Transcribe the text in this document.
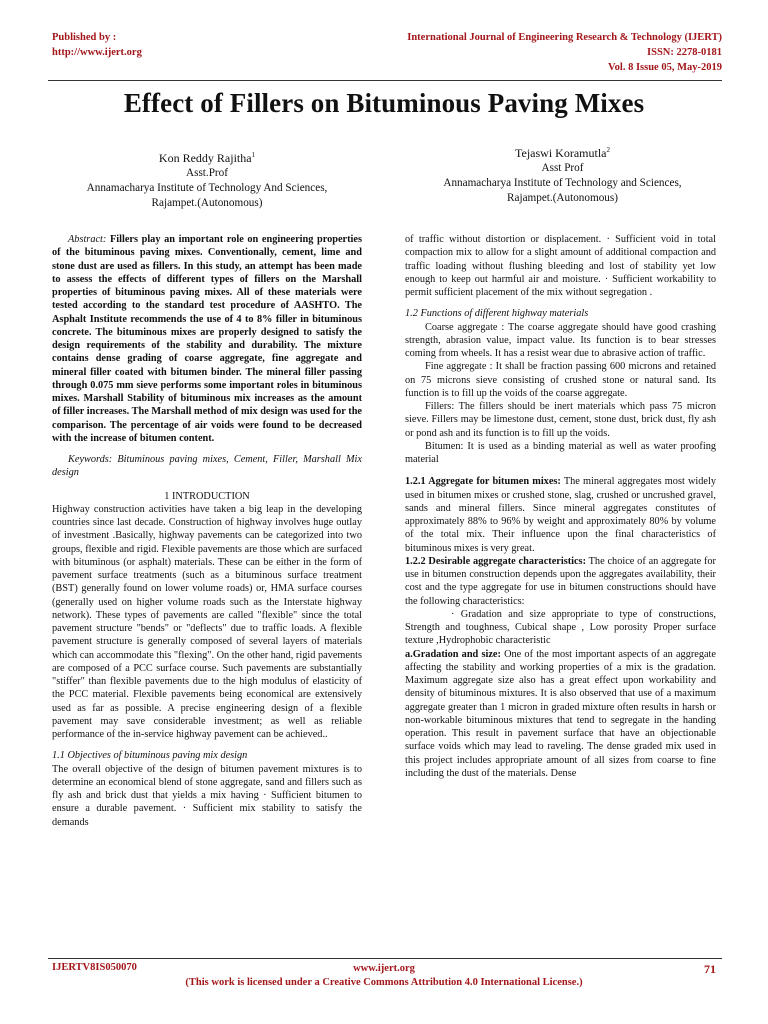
Published by :
http://www.ijert.org
International Journal of Engineering Research & Technology (IJERT)
ISSN: 2278-0181
Vol. 8 Issue 05, May-2019
Effect of Fillers on Bituminous Paving Mixes
Kon Reddy Rajitha$^1$
Asst.Prof
Annamacharya Institute of Technology And Sciences,
Rajampet.(Autonomous)
Tejaswi Koramutla$^2$
Asst Prof
Annamacharya Institute of Technology and Sciences,
Rajampet.(Autonomous)

Abstract: Fillers play an important role on engineering properties of the bituminous paving mixes. Conventionally, cement, lime and stone dust are used as fillers. In this study, an attempt has been made to assess the effects of different types of fillers on the Marshall properties of bituminous paving mixes. All of these materials were tested according to the standard test procedure of AASHTO. The Asphalt Institute recommends the use of 4 to 8% filler in bituminous concrete. The bituminous mixes are properly designed to satisfy the design requirements of the stability and durability. The mixture contains dense grading of coarse aggregate, fine aggregate and mineral filler coated with bitumen binder. The mineral filler passing through 0.075 mm sieve performs some important roles in bituminous mixes. Marshall Stability of bituminous mix increases as the amount of filler increases. The Marshall method of mix design was used for the comparison. The percentage of air voids were found to be decreased with the increase of bitumen content.

Keywords: Bituminous paving mixes, Cement, Filler, Marshall Mix design

1 INTRODUCTION

Highway construction activities have taken a big leap in the developing countries since last decade. Construction of highway involves huge outlay of investment .Basically, highway pavements can be categorized into two groups, flexible and rigid. Flexible pavements are those which are surfaced with bituminous (or asphalt) materials. These can be either in the form of pavement surface treatments (such as a bituminous surface treatment (BST) generally found on lower volume roads) or, HMA surface courses (generally used on higher volume roads such as the Interstate highway network). These types of pavements are called "flexible" since the total pavement structure "bends" or "deflects" due to traffic loads. A flexible pavement structure is generally composed of several layers of materials which can accommodate this "flexing". On the other hand, rigid pavements are composed of a PCC surface course. Such pavements are substantially "stiffer" than flexible pavements due to the high modulus of elasticity of the PCC material. Flexible pavements being economical are extensively used as far as possible. A precise engineering design of a flexible pavement may save considerable investment; as well as reliable performance of the in-service highway pavement can be achieved..

1.1 Objectives of bituminous paving mix design

The overall objective of the design of bitumen pavement mixtures is to determine an economical blend of stone aggregate, sand and fillers such as fly ash and brick dust that yields a mix having · Sufficient bitumen to ensure a durable pavement. · Sufficient mix stability to satisfy the demands

of traffic without distortion or displacement. · Sufficient void in total compaction mix to allow for a slight amount of additional compaction and traffic loading without flushing bleeding and lost of stability yet low enough to keep out harmful air and moisture. · Sufficient workability to permit sufficient placement of the mix without segregation .

1.2 Functions of different highway materials

Coarse aggregate : The coarse aggregate should have good crashing strength, abrasion value, impact value. Its function is to bear stresses coming from wheels. It has a resist wear due to abrasive action of traffic.

Fine aggregate : It shall be fraction passing 600 microns and retained on 75 microns sieve consisting of crushed stone or natural sand. Its function is to fill up the voids of the coarse aggregate.

Fillers: The fillers should be inert materials which pass 75 micron sieve. Fillers may be limestone dust, cement, stone dust, brick dust, fly ash or pond ash and its function is to fill up the voids.

Bitumen: It is used as a binding material as well as water proofing material

1.2.1 Aggregate for bitumen mixes: The mineral aggregates most widely used in bitumen mixes or crushed stone, slag, crushed or uncrushed gravel, sands and mineral fillers. Since mineral aggregates constitutes of approximately 88% to 96% by weight and approximately 80% by volume of the total mix. Their influence upon the final characteristics of bituminous mixes is very great.

1.2.2 Desirable aggregate characteristics: The choice of an aggregate for use in bitumen construction depends upon the aggregates availability, their cost and the type aggregate for use in bitumen constructions should have the following characteristics:

· Gradation and size appropriate to type of constructions, Strength and toughness, Cubical shape , Low porosity Proper surface texture ,Hydrophobic characteristic

a.Gradation and size: One of the most important aspects of an aggregate affecting the stability and working properties of a mix is the gradation. Maximum aggregate size also has a great effect upon workability and density of bituminous mixtures. It is also observed that use of a maximum aggregate greater than 1 micron in graded mixture often results in harsh or non-workable bituminous mixtures that tend to segregate in the handing operation. This result in pavement surface that have an objectionable surface voids which may lead to raveling. The dense graded mix used in this project includes appropriate amount of all sizes from coarse to fine including the dust of the materials. Dense

IJERTV8IS050070	www.ijert.org
(This work is licensed under a Creative Commons Attribution 4.0 International License.)
71
